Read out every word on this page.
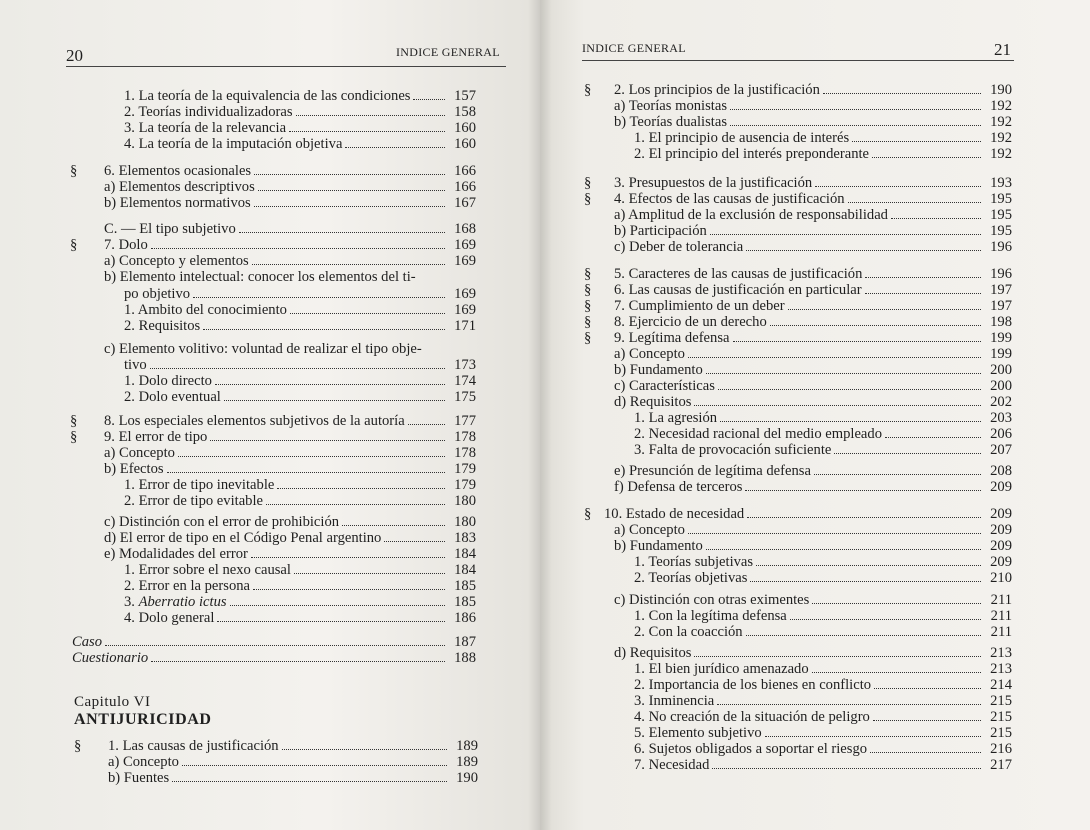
20	INDICE GENERAL
1. La teoría de la equivalencia de las condiciones	157
2. Teorías individualizadoras	158
3. La teoría de la relevancia	160
4. La teoría de la imputación objetiva	160
§ 6. Elementos ocasionales	166
a) Elementos descriptivos	166
b) Elementos normativos	167
C. — El tipo subjetivo	168
§ 7. Dolo	169
a) Concepto y elementos	169
b) Elemento intelectual: conocer los elementos del ti-
po objetivo	169
1. Ambito del conocimiento	169
2. Requisitos	171
c) Elemento volitivo: voluntad de realizar el tipo obje-
tivo	173
1. Dolo directo	174
2. Dolo eventual	175
§ 8. Los especiales elementos subjetivos de la autoría	177
§ 9. El error de tipo	178
a) Concepto	178
b) Efectos	179
1. Error de tipo inevitable	179
2. Error de tipo evitable	180
c) Distinción con el error de prohibición	180
d) El error de tipo en el Código Penal argentino	183
e) Modalidades del error	184
1. Error sobre el nexo causal	184
2. Error en la persona	185
3. Aberratio ictus	185
4. Dolo general	186
Caso	187
Cuestionario	188
§ 1. Las causas de justificación	189
a) Concepto	189
b) Fuentes	190
Capitulo VI
ANTIJURICIDAD
INDICE GENERAL	21
§ 2. Los principios de la justificación	190
a) Teorías monistas	192
b) Teorías dualistas	192
1. El principio de ausencia de interés	192
2. El principio del interés preponderante	192
§ 3. Presupuestos de la justificación	193
§ 4. Efectos de las causas de justificación	195
a) Amplitud de la exclusión de responsabilidad	195
b) Participación	195
c) Deber de tolerancia	196
§ 5. Caracteres de las causas de justificación	196
§ 6. Las causas de justificación en particular	197
§ 7. Cumplimiento de un deber	197
§ 8. Ejercicio de un derecho	198
§ 9. Legítima defensa	199
a) Concepto	199
b) Fundamento	200
c) Características	200
d) Requisitos	202
1. La agresión	203
2. Necesidad racional del medio empleado	206
3. Falta de provocación suficiente	207
e) Presunción de legítima defensa	208
f) Defensa de terceros	209
§ 10. Estado de necesidad	209
a) Concepto	209
b) Fundamento	209
1. Teorías subjetivas	209
2. Teorías objetivas	210
c) Distinción con otras eximentes	211
1. Con la legítima defensa	211
2. Con la coacción	211
d) Requisitos	213
1. El bien jurídico amenazado	213
2. Importancia de los bienes en conflicto	214
3. Inminencia	215
4. No creación de la situación de peligro	215
5. Elemento subjetivo	215
6. Sujetos obligados a soportar el riesgo	216
7. Necesidad	217
